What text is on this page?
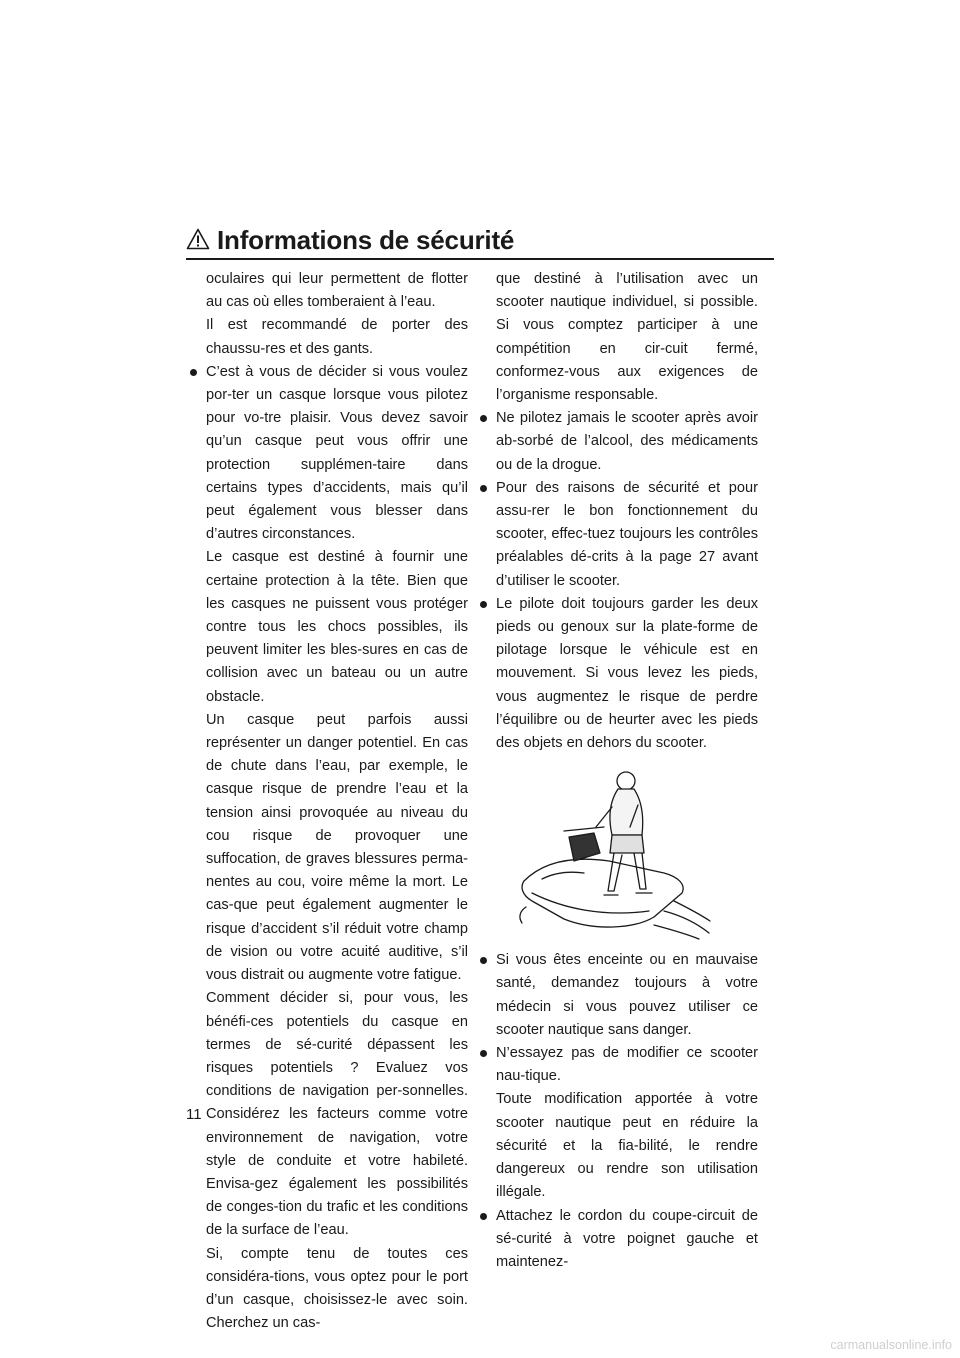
Informations de sécurité

oculaires qui leur permettent de flotter au cas où elles tomberaient à l’eau.

Il est recommandé de porter des chaussu-res et des gants.

C’est à vous de décider si vous voulez por-ter un casque lorsque vous pilotez pour vo-tre plaisir. Vous devez savoir qu’un casque peut vous offrir une protection supplémen-taire dans certains types d’accidents, mais qu’il peut également vous blesser dans d’autres circonstances.

Le casque est destiné à fournir une certaine protection à la tête. Bien que les casques ne puissent vous protéger contre tous les chocs possibles, ils peuvent limiter les bles-sures en cas de collision avec un bateau ou un autre obstacle.

Un casque peut parfois aussi représenter un danger potentiel. En cas de chute dans l’eau, par exemple, le casque risque de prendre l’eau et la tension ainsi provoquée au niveau du cou risque de provoquer une suffocation, de graves blessures perma-nentes au cou, voire même la mort. Le cas-que peut également augmenter le risque d’accident s’il réduit votre champ de vision ou votre acuité auditive, s’il vous distrait ou augmente votre fatigue.

Comment décider si, pour vous, les bénéfi-ces potentiels du casque en termes de sé-curité dépassent les risques potentiels ? Evaluez vos conditions de navigation per-sonnelles. Considérez les facteurs comme votre environnement de navigation, votre style de conduite et votre habileté. Envisa-gez également les possibilités de conges-tion du trafic et les conditions de la surface de l’eau.

Si, compte tenu de toutes ces considéra-tions, vous optez pour le port d’un casque, choisissez-le avec soin. Cherchez un cas-

que destiné à l’utilisation avec un scooter nautique individuel, si possible. Si vous comptez participer à une compétition en cir-cuit fermé, conformez-vous aux exigences de l’organisme responsable.

Ne pilotez jamais le scooter après avoir ab-sorbé de l’alcool, des médicaments ou de la drogue.

Pour des raisons de sécurité et pour assu-rer le bon fonctionnement du scooter, effec-tuez toujours les contrôles préalables dé-crits à la page 27 avant d’utiliser le scooter.

Le pilote doit toujours garder les deux pieds ou genoux sur la plate-forme de pilotage lorsque le véhicule est en mouvement. Si vous levez les pieds, vous augmentez le risque de perdre l’équilibre ou de heurter avec les pieds des objets en dehors du scooter.

Si vous êtes enceinte ou en mauvaise santé, demandez toujours à votre médecin si vous pouvez utiliser ce scooter nautique sans danger.

N’essayez pas de modifier ce scooter nau-tique.

Toute modification apportée à votre scooter nautique peut en réduire la sécurité et la fia-bilité, le rendre dangereux ou rendre son utilisation illégale.

Attachez le cordon du coupe-circuit de sé-curité à votre poignet gauche et maintenez-

11
carmanualsonline.info
